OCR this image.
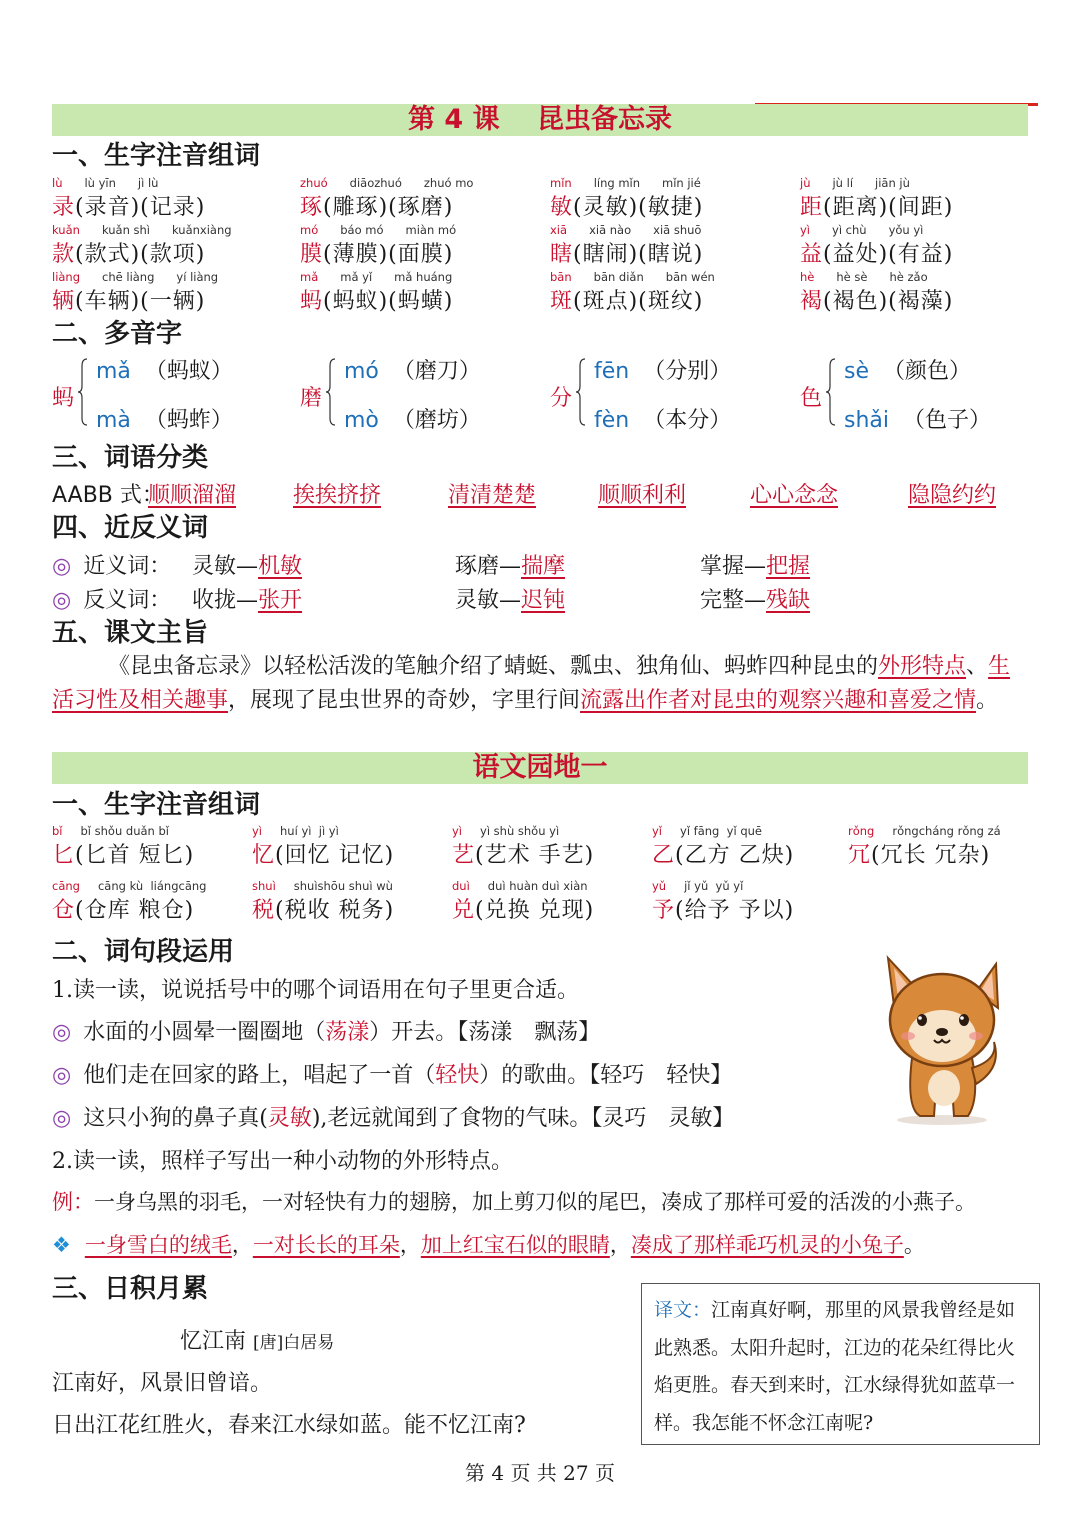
第 4 课 昆虫备忘录
一、生字注音组词
二、多音字
三、词语分类
AABB 式：
四、近反义词
◎ 近义词：
◎ 反义词：
五、课文主旨
《昆虫备忘录》以轻松活泼的笔触介绍了蜻蜓、瓢虫、独角仙、蚂蚱四种昆虫的外形特点、生活习性及相关趣事，展现了昆虫世界的奇妙，字里行间流露出作者对昆虫的观察兴趣和喜爱之情。
语文园地一
一、生字注音组词
二、词句段运用
1.读一读，说说括号中的哪个词语用在句子里更合适。
2.读一读，照样子写出一种小动物的外形特点。
例：一身乌黑的羽毛，一对轻快有力的翅膀，加上剪刀似的尾巴，凑成了那样可爱的活泼的小燕子。
❖ 一身雪白的绒毛，一对长长的耳朵，加上红宝石似的眼睛，凑成了那样乖巧机灵的小兔子。
三、日积月累
忆江南 [唐]白居易
江南好，风景旧曾谙。
日出江花红胜火，春来江水绿如蓝。能不忆江南?
译文：江南真好啊，那里的风景我曾经是如此熟悉。太阳升起时，江边的花朵红得比火焰更胜。春天到来时，江水绿得犹如蓝草一样。我怎能不怀念江南呢?
第 4 页 共 27 页
lù lù yīn jì lù
录(录音)(记录)
zhuó diāozhuó zhuó mo
琢(雕琢)(琢磨)
mǐn líng mǐn mǐn jié
敏(灵敏)(敏捷)
jù jù lí jiān jù
距(距离)(间距)
kuǎn kuǎn shì kuǎnxiàng
款(款式)(款项)
mó báo mó miàn mó
膜(薄膜)(面膜)
xiā xiā nào xiā shuō
瞎(瞎闹)(瞎说)
yì yì chù yǒu yì
益(益处)(有益)
liàng chē liàng yí liàng
辆(车辆)(一辆)
mǎ mǎ yǐ mǎ huáng
蚂(蚂蚁)(蚂蟥)
bān bān diǎn bān wén
斑(斑点)(斑纹)
hè hè sè hè zǎo
褐(褐色)(褐藻)
蚂
mǎ （蚂蚁）
mà （蚂蚱）
磨
mó （磨刀）
mò （磨坊）
分
fēn （分别）
fèn （本分）
色
sè （颜色）
shǎi （色子）
顺顺溜溜	挨挨挤挤	清清楚楚	顺顺利利	心心念念	隐隐约约
灵敏—机敏	琢磨—揣摩	掌握—把握
收拢—张开	灵敏—迟钝	完整—残缺
bǐ bǐ shǒu duǎn bǐ
匕(匕首 短匕)
yì huí yì  jì yì
忆(回忆 记忆)
yì yì shù shǒu yì
艺(艺术 手艺)
yǐ yǐ fāng  yǐ quē
乙(乙方 乙炔)
rǒng rǒngcháng rǒng zá
冗(冗长 冗杂)
cāng cāng kù  liángcāng
仓(仓库 粮仓)
shuì shuìshōu shuì wù
税(税收 税务)
duì duì huàn duì xiàn
兑(兑换 兑现)
yǔ jǐ yǔ  yǔ yǐ
予(给予 予以)
◎ 水面的小圆晕一圈圈地（荡漾）开去。【荡漾　飘荡】
◎ 他们走在回家的路上，唱起了一首（轻快）的歌曲。【轻巧　轻快】
◎ 这只小狗的鼻子真(灵敏),老远就闻到了食物的气味。【灵巧　灵敏】
